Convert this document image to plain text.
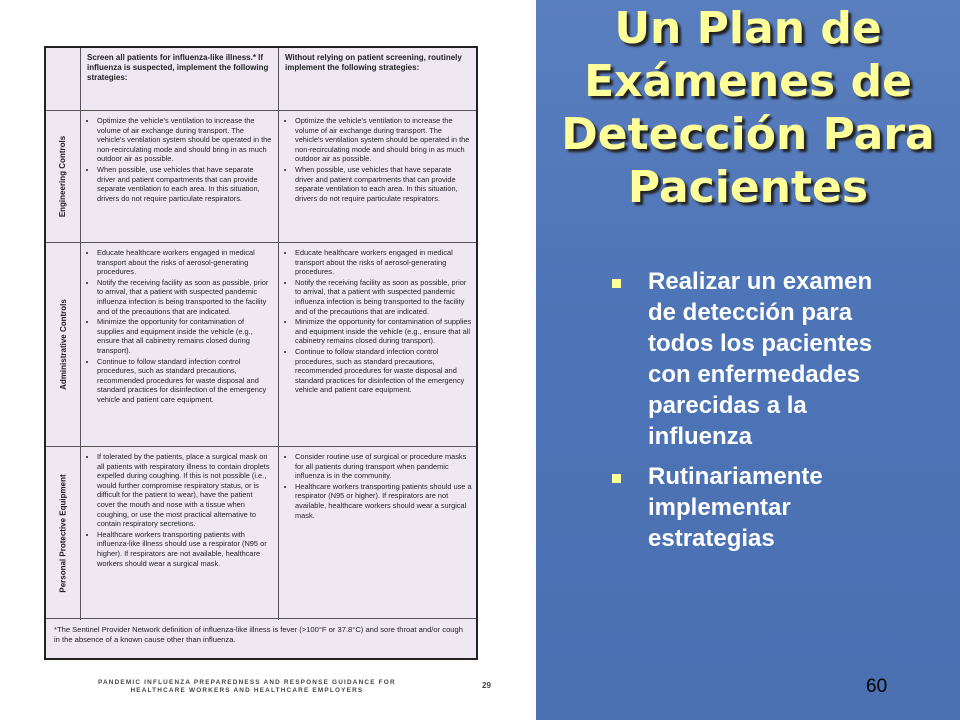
Screen all patients for influenza-like illness.* If influenza is suspected, implement the following strategies:
Without relying on patient screening, routinely implement the following strategies:
Engineering Controls
• Optimize the vehicle's ventilation to increase the volume of air exchange during transport. The vehicle's ventilation system should be operated in the non-recirculating mode and should bring in as much outdoor air as possible.
• When possible, use vehicles that have separate driver and patient compartments that can provide separate ventilation to each area. In this situation, drivers do not require particulate respirators.
• Optimize the vehicle's ventilation to increase the volume of air exchange during transport. The vehicle's ventilation system should be operated in the non-recirculating mode and should bring in as much outdoor air as possible.
• When possible, use vehicles that have separate driver and patient compartments that can provide separate ventilation to each area. In this situation, drivers do not require particulate respirators.
Administrative Controls
• Educate healthcare workers engaged in medical transport about the risks of aerosol-generating procedures.
• Notify the receiving facility as soon as possible, prior to arrival, that a patient with suspected pandemic influenza infection is being transported to the facility and of the precautions that are indicated.
• Minimize the opportunity for contamination of supplies and equipment inside the vehicle (e.g., ensure that all cabinetry remains closed during transport).
• Continue to follow standard infection control procedures, such as standard precautions, recommended procedures for waste disposal and standard practices for disinfection of the emergency vehicle and patient care equipment.
• Educate healthcare workers engaged in medical transport about the risks of aerosol-generating procedures.
• Notify the receiving facility as soon as possible, prior to arrival, that a patient with suspected pandemic influenza infection is being transported to the facility and of the precautions that are indicated.
• Minimize the opportunity for contamination of supplies and equipment inside the vehicle (e.g., ensure that all cabinetry remains closed during transport).
• Continue to follow standard infection control procedures, such as standard precautions, recommended procedures for waste disposal and standard practices for disinfection of the emergency vehicle and patient care equipment.
Personal Protective Equipment
• If tolerated by the patients, place a surgical mask on all patients with respiratory illness to contain droplets expelled during coughing. If this is not possible (i.e., would further compromise respiratory status, or is difficult for the patient to wear), have the patient cover the mouth and nose with a tissue when coughing, or use the most practical alternative to contain respiratory secretions.
• Healthcare workers transporting patients with influenza-like illness should use a respirator (N95 or higher). If respirators are not available, healthcare workers should wear a surgical mask.
• Consider routine use of surgical or procedure masks for all patients during transport when pandemic influenza is in the community.
• Healthcare workers transporting patients should use a respirator (N95 or higher). If respirators are not available, healthcare workers should wear a surgical mask.
*The Sentinel Provider Network definition of influenza-like illness is fever (>100°F or 37.8°C) and sore throat and/or cough in the absence of a known cause other than influenza.
PANDEMIC INFLUENZA PREPAREDNESS AND RESPONSE GUIDANCE FOR
HEALTHCARE WORKERS AND HEALTHCARE EMPLOYERS
29
Un Plan de Exámenes de Detección Para Pacientes
Realizar un examen de detección para todos los pacientes con enfermedades parecidas a la influenza
Rutinariamente implementar estrategias
60
